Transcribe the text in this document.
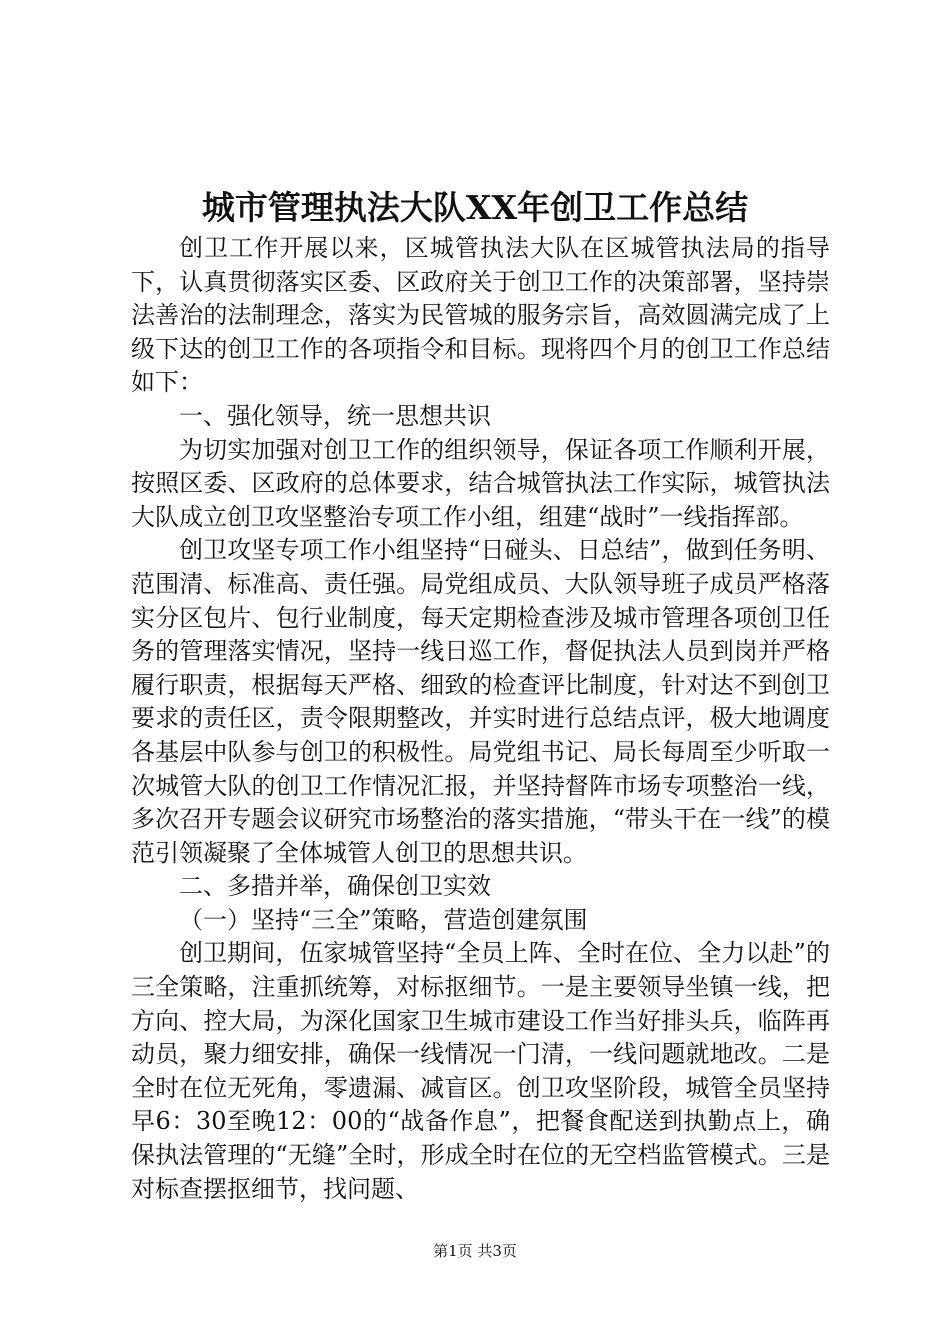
城市管理执法大队XX年创卫工作总结

创卫工作开展以来，区城管执法大队在区城管执法局的指导下，认真贯彻落实区委、区政府关于创卫工作的决策部署，坚持崇法善治的法制理念，落实为民管城的服务宗旨，高效圆满完成了上级下达的创卫工作的各项指令和目标。现将四个月的创卫工作总结如下：

一、强化领导，统一思想共识

为切实加强对创卫工作的组织领导，保证各项工作顺利开展，按照区委、区政府的总体要求，结合城管执法工作实际，城管执法大队成立创卫攻坚整治专项工作小组，组建“战时”一线指挥部。

创卫攻坚专项工作小组坚持“日碰头、日总结”，做到任务明、范围清、标准高、责任强。局党组成员、大队领导班子成员严格落实分区包片、包行业制度，每天定期检查涉及城市管理各项创卫任务的管理落实情况，坚持一线日巡工作，督促执法人员到岗并严格履行职责，根据每天严格、细致的检查评比制度，针对达不到创卫要求的责任区，责令限期整改，并实时进行总结点评，极大地调度各基层中队参与创卫的积极性。局党组书记、局长每周至少听取一次城管大队的创卫工作情况汇报，并坚持督阵市场专项整治一线，多次召开专题会议研究市场整治的落实措施，“带头干在一线”的模范引领凝聚了全体城管人创卫的思想共识。

二、多措并举，确保创卫实效

（一）坚持“三全”策略，营造创建氛围

创卫期间，伍家城管坚持“全员上阵、全时在位、全力以赴”的三全策略，注重抓统筹，对标抠细节。一是主要领导坐镇一线，把方向、控大局，为深化国家卫生城市建设工作当好排头兵，临阵再动员，聚力细安排，确保一线情况一门清，一线问题就地改。二是全时在位无死角，零遗漏、减盲区。创卫攻坚阶段，城管全员坚持早6：30至晚12：00的“战备作息”，把餐食配送到执勤点上，确保执法管理的“无缝”全时，形成全时在位的无空档监管模式。三是对标查摆抠细节，找问题、

第1页 共3页
